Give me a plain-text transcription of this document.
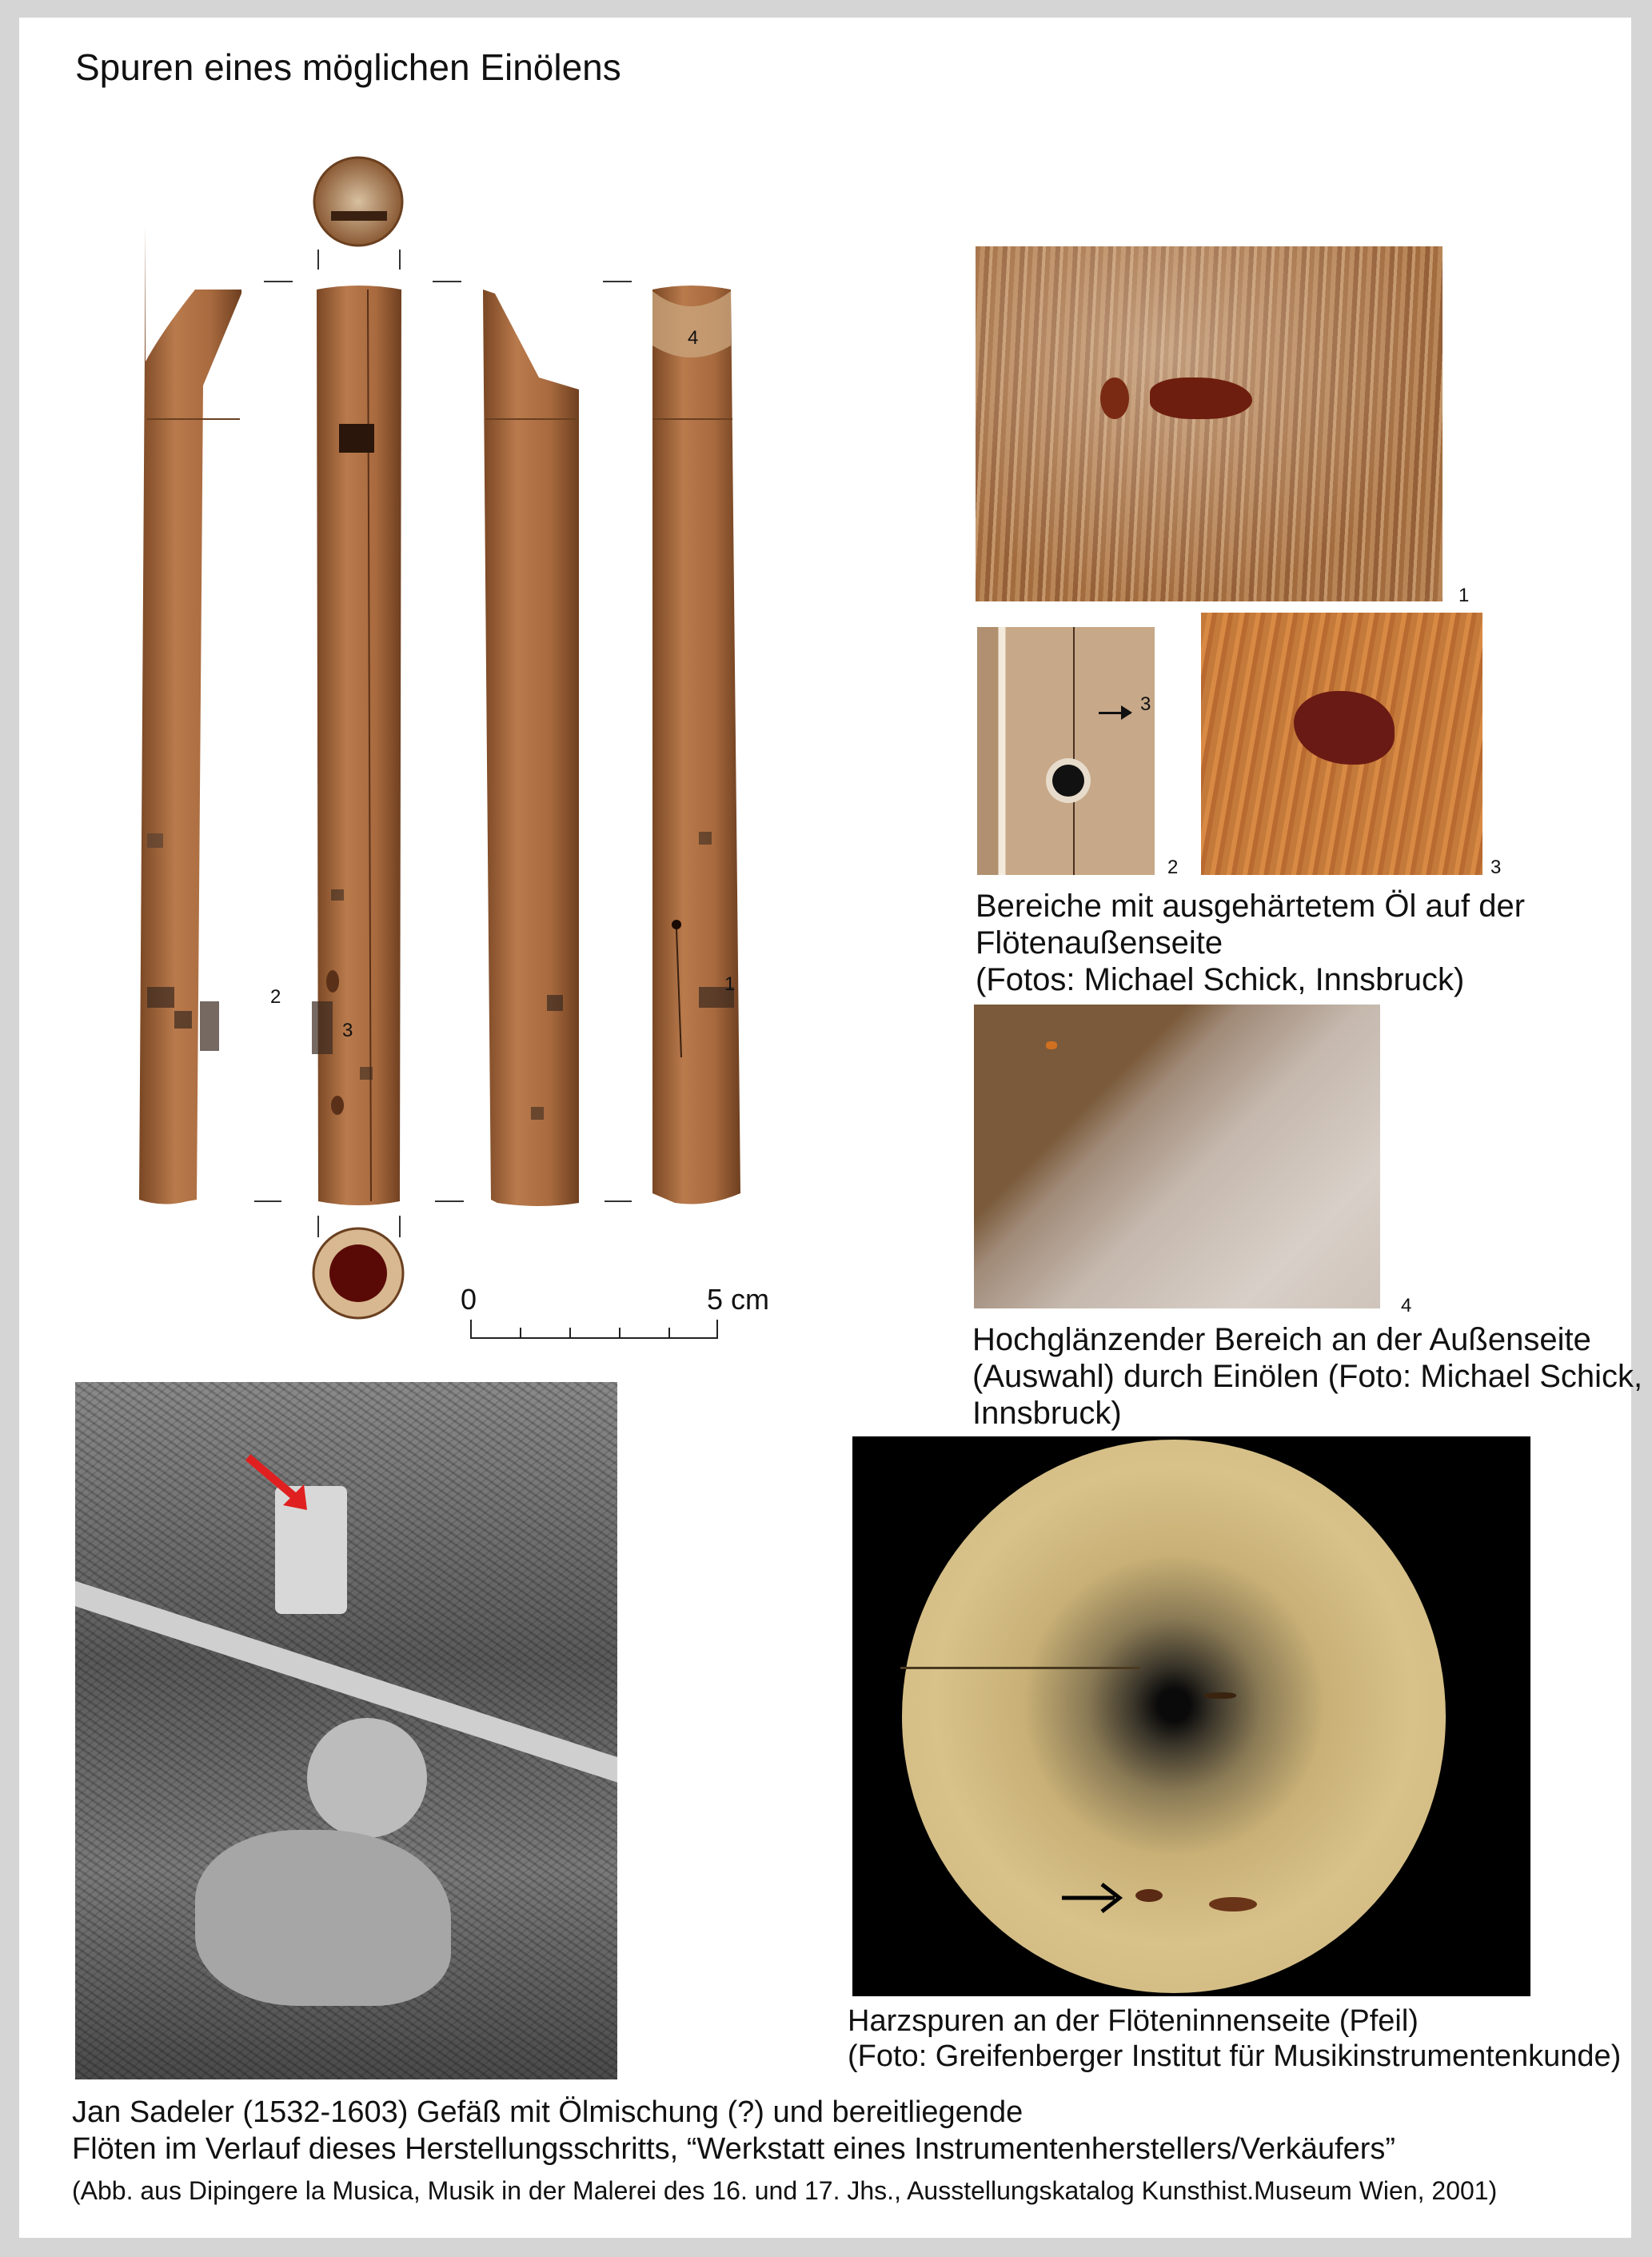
Spuren eines möglichen Einölens
4
1
2
3
0	5 cm
1
3
2	3
Bereiche mit ausgehärtetem Öl auf der
Flötenaußenseite
(Fotos: Michael Schick, Innsbruck)
4
Hochglänzender Bereich an der Außenseite
(Auswahl) durch Einölen (Foto: Michael Schick,
Innsbruck)
Harzspuren an der Flöteninnenseite (Pfeil)
(Foto: Greifenberger Institut für Musikinstrumentenkunde)
Jan Sadeler (1532-1603) Gefäß mit Ölmischung (?) und bereitliegende
Flöten im Verlauf dieses Herstellungsschritts, “Werkstatt eines Instrumentenherstellers/Verkäufers”
(Abb. aus Dipingere la Musica, Musik in der Malerei des 16. und 17. Jhs., Ausstellungskatalog Kunsthist.Museum Wien, 2001)
